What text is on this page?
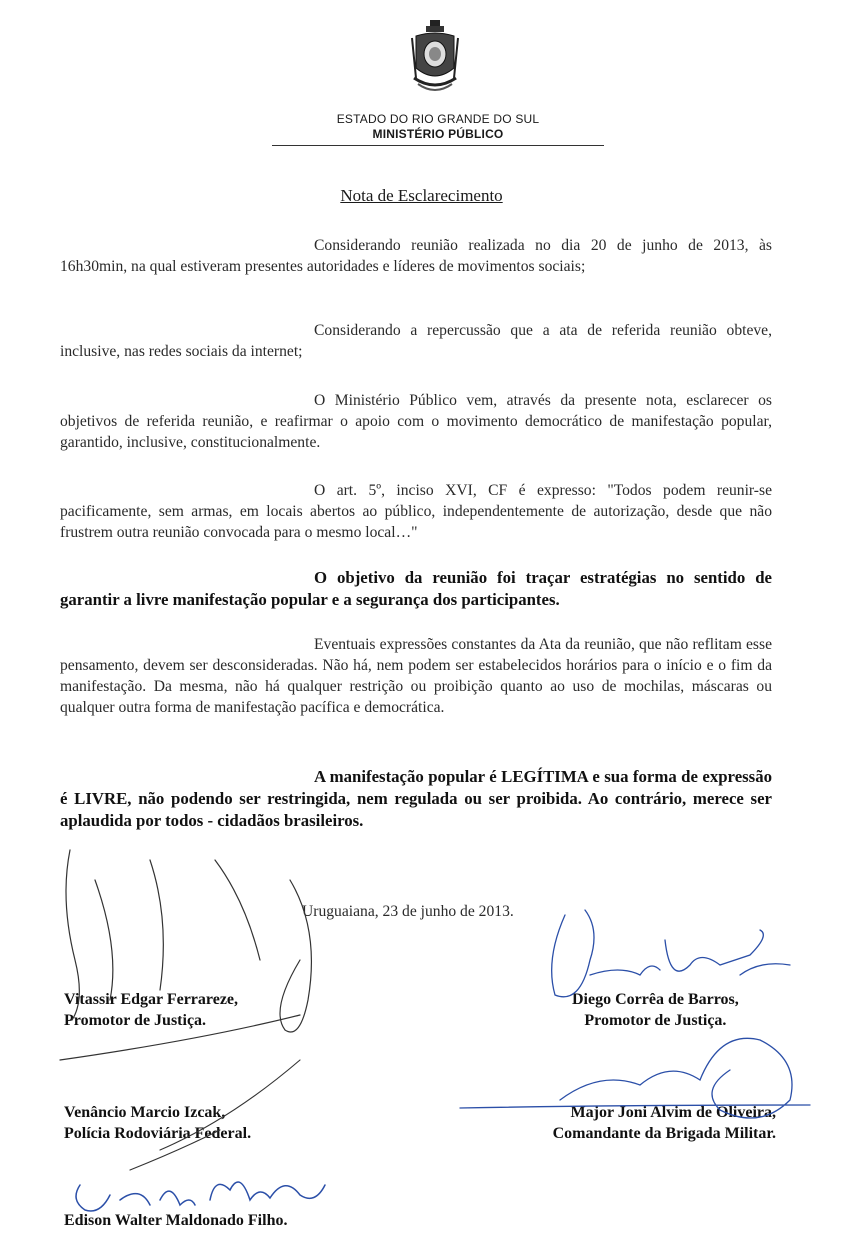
ESTADO DO RIO GRANDE DO SUL
MINISTÉRIO PÚBLICO
Nota de Esclarecimento
Considerando reunião realizada no dia 20 de junho de 2013, às 16h30min, na qual estiveram presentes autoridades e líderes de movimentos sociais;
Considerando a repercussão que a ata de referida reunião obteve, inclusive, nas redes sociais da internet;
O Ministério Público vem, através da presente nota, esclarecer os objetivos de referida reunião, e reafirmar o apoio com o movimento democrático de manifestação popular, garantido, inclusive, constitucionalmente.
O art. 5º, inciso XVI, CF é expresso: "Todos podem reunir-se pacificamente, sem armas, em locais abertos ao público, independentemente de autorização, desde que não frustrem outra reunião convocada para o mesmo local…"
O objetivo da reunião foi traçar estratégias no sentido de garantir a livre manifestação popular e a segurança dos participantes.
Eventuais expressões constantes da Ata da reunião, que não reflitam esse pensamento, devem ser desconsideradas. Não há, nem podem ser estabelecidos horários para o início e o fim da manifestação. Da mesma, não há qualquer restrição ou proibição quanto ao uso de mochilas, máscaras ou qualquer outra forma de manifestação pacífica e democrática.
A manifestação popular é LEGÍTIMA e sua forma de expressão é LIVRE, não podendo ser restringida, nem regulada ou ser proibida. Ao contrário, merece ser aplaudida por todos - cidadãos brasileiros.
Uruguaiana, 23 de junho de 2013.
Vitassir Edgar Ferrareze,
Promotor de Justiça.
Diego Corrêa de Barros,
Promotor de Justiça.
Venâncio Marcio Izcak,
Polícia Rodoviária Federal.
Major Joni Alvim de Oliveira,
Comandante da Brigada Militar.
Edison Walter Maldonado Filho.
